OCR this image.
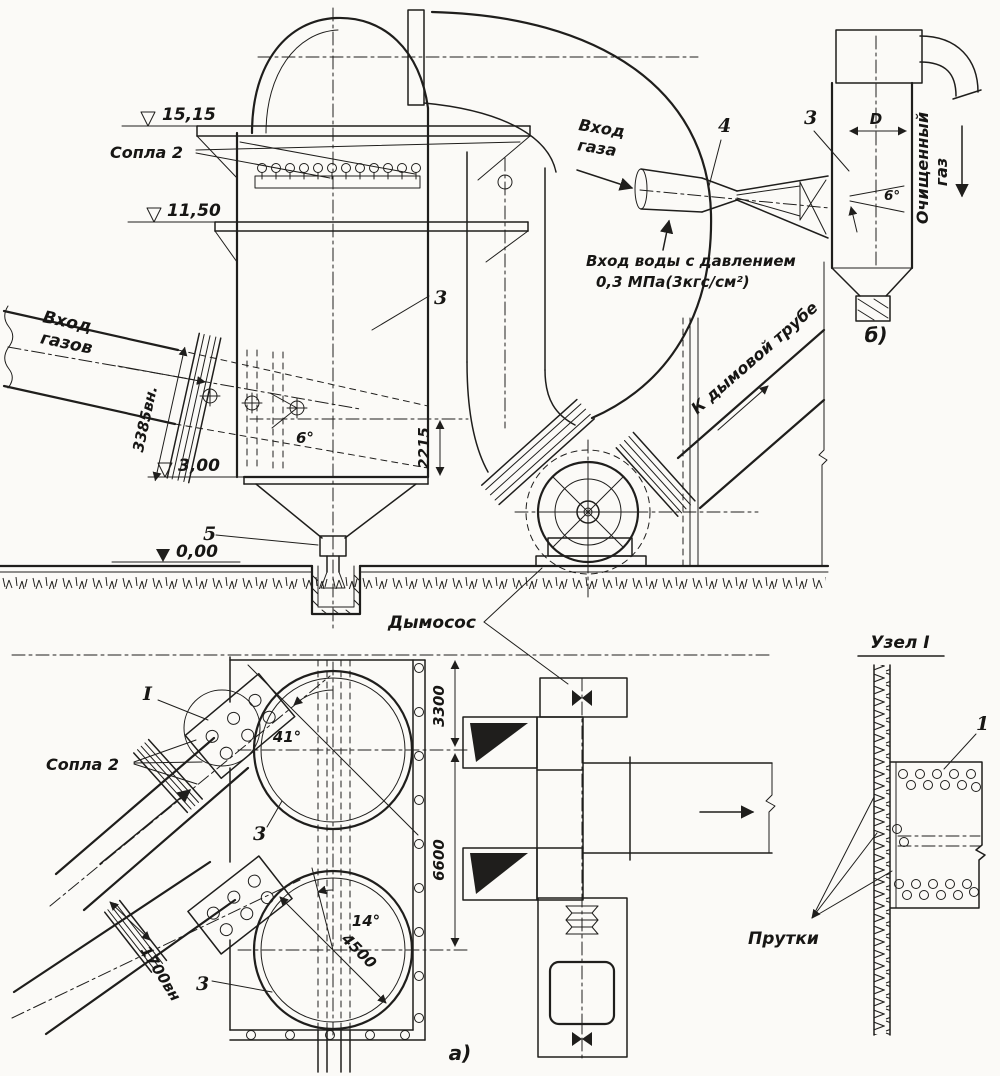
15,15
11,50
3,00
0,00
Сопла 2
Вход
газов
3385вн.	6°
5
3
2215
К дымовой трубе
Дымосос
Вход
газа
4
Вход воды с давлением
0,3 МПа(3кгс/см²)
3	D
6° Очищенный газ
б)
41°
I
Сопла 2
3
3300
6600
1700вн 3
14°
4500
а)
Узел I
1
Прутки
